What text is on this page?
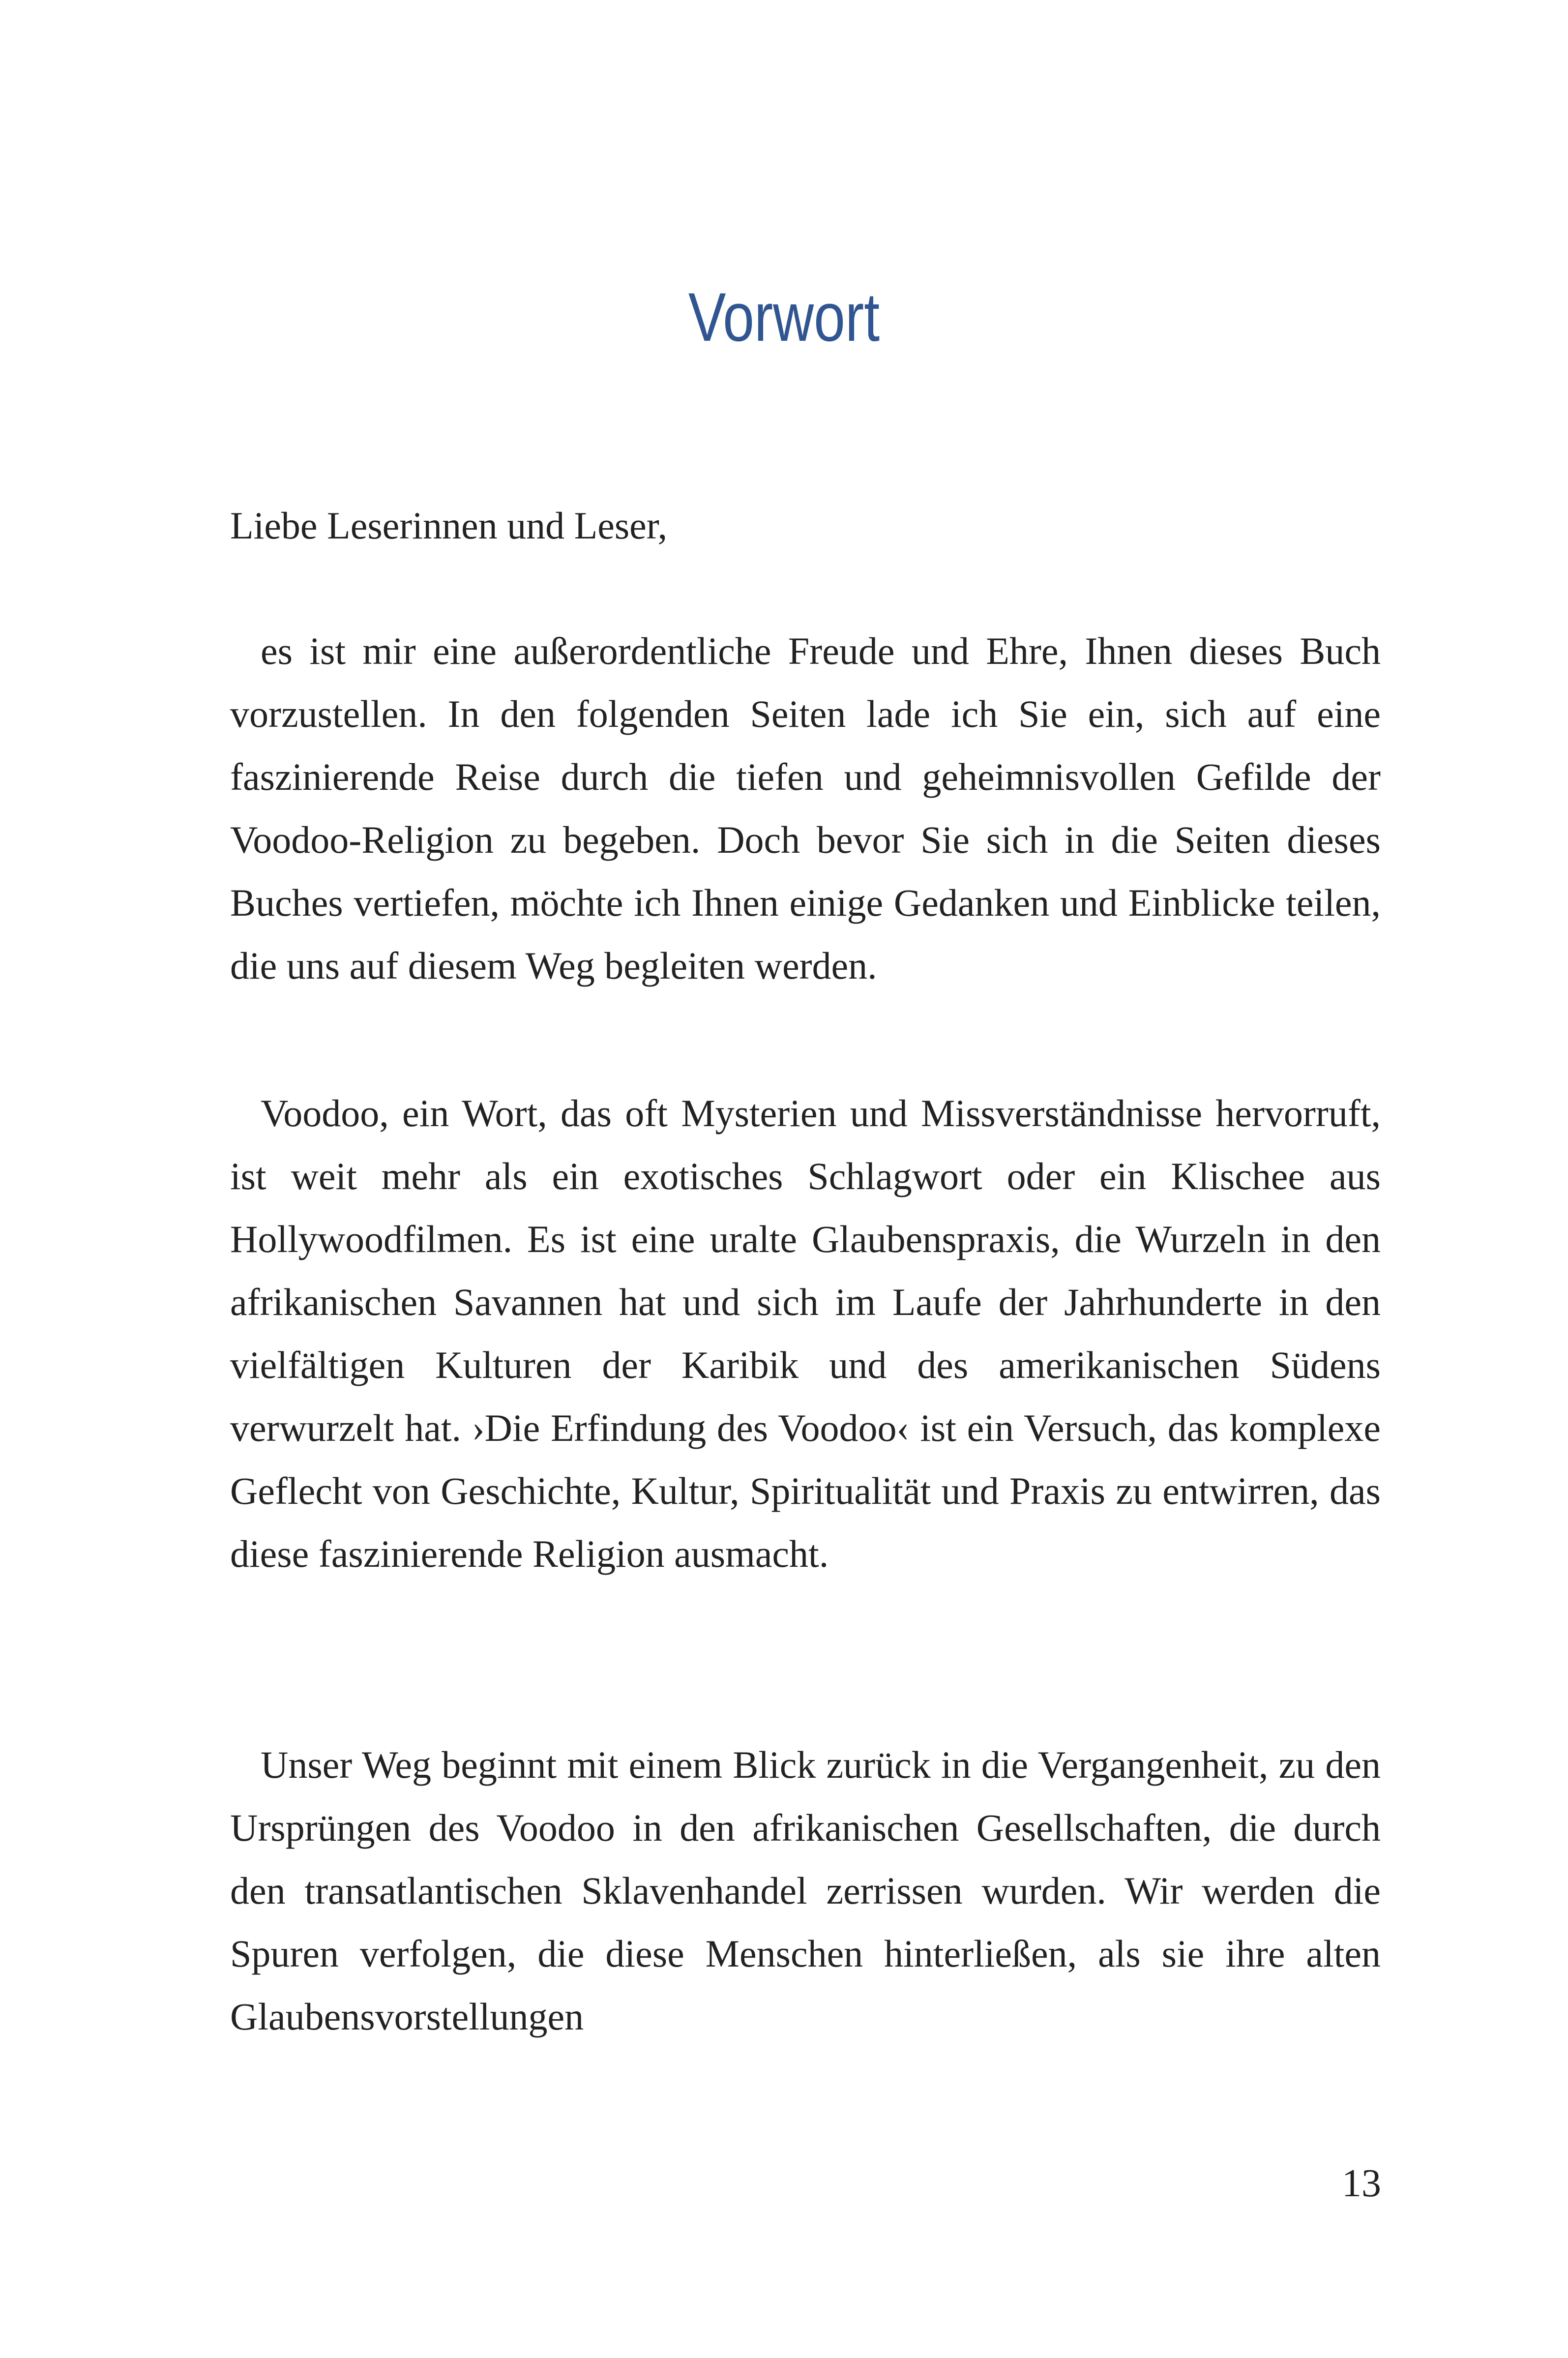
Vorwort

Liebe Leserinnen und Leser,

es ist mir eine außerordentliche Freude und Ehre, Ihnen dieses Buch vorzustellen. In den folgenden Seiten lade ich Sie ein, sich auf eine faszinierende Reise durch die tiefen und geheimnisvollen Gefilde der Voodoo-Religion zu begeben. Doch bevor Sie sich in die Seiten dieses Buches vertiefen, möchte ich Ihnen einige Gedanken und Einblicke teilen, die uns auf diesem Weg begleiten werden.

Voodoo, ein Wort, das oft Mysterien und Missverständnisse hervorruft, ist weit mehr als ein exotisches Schlagwort oder ein Klischee aus Hollywoodfilmen. Es ist eine uralte Glaubenspraxis, die Wurzeln in den afrikanischen Savannen hat und sich im Laufe der Jahrhunderte in den vielfältigen Kulturen der Karibik und des amerikanischen Südens verwurzelt hat. ›Die Erfindung des Voodoo‹ ist ein Versuch, das komplexe Geflecht von Geschichte, Kultur, Spiritualität und Praxis zu entwirren, das diese faszinierende Religion ausmacht.

Unser Weg beginnt mit einem Blick zurück in die Vergangenheit, zu den Ursprüngen des Voodoo in den afrikanischen Gesellschaften, die durch den transatlantischen Sklavenhandel zerrissen wurden. Wir werden die Spuren verfolgen, die diese Menschen hinterließen, als sie ihre alten Glaubensvorstellungen

13
